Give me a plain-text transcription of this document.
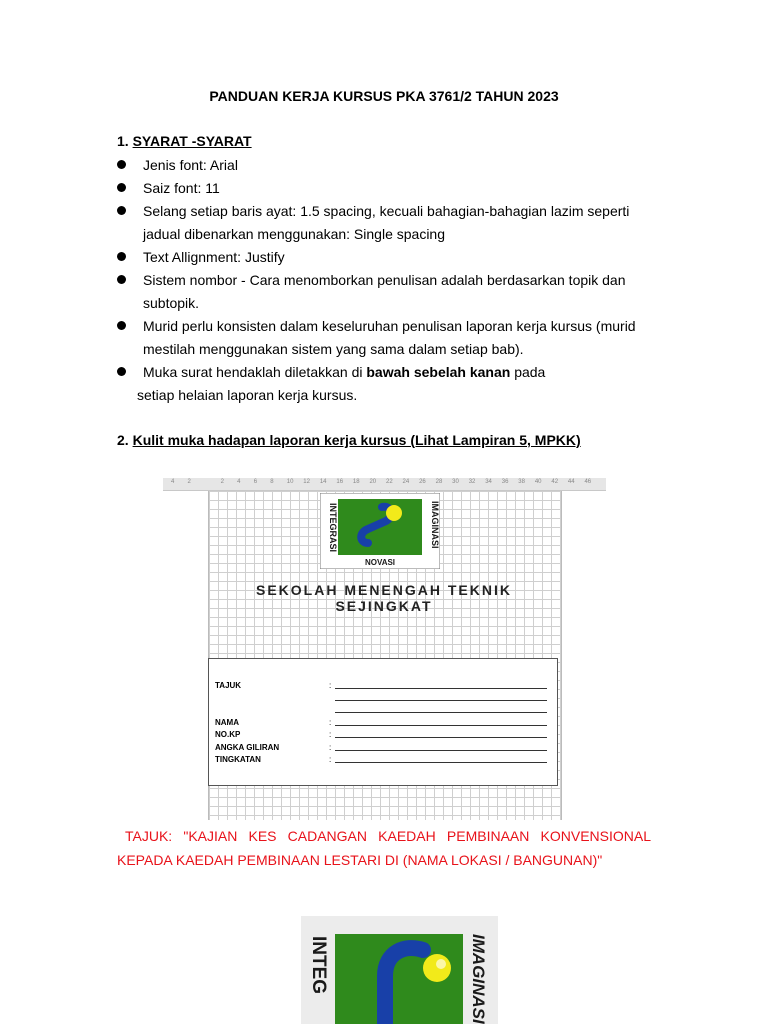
PANDUAN KERJA KURSUS PKA 3761/2 TAHUN 2023
1. SYARAT -SYARAT
Jenis font: Arial
Saiz font: 11
Selang setiap baris ayat: 1.5 spacing, kecuali bahagian-bahagian lazim seperti
jadual dibenarkan menggunakan: Single spacing
Text Allignment: Justify
Sistem nombor - Cara menomborkan penulisan adalah berdasarkan topik dan
subtopik.
Murid perlu konsisten dalam keseluruhan penulisan laporan kerja kursus (murid
mestilah menggunakan sistem yang sama dalam setiap bab).
Muka surat hendaklah diletakkan di bawah sebelah kanan pada
setiap helaian laporan kerja kursus.
2. Kulit muka hadapan laporan kerja kursus (Lihat Lampiran 5, MPKK)
4 2	2 4 6 8 10 12 14 16 18 20 22 24 26 28 30 32 34 36 38 40 42 44 46
INTEGRASI	IMAGINASI
NOVASI
SEKOLAH MENENGAH TEKNIK
SEJINGKAT
TAJUK	:
NAMA	:
NO.KP	:
ANGKA GILIRAN	:
TINGKATAN	:
TAJUK: "KAJIAN KES CADANGAN KAEDAH PEMBINAAN KONVENSIONAL
KEPADA KAEDAH PEMBINAAN LESTARI DI (NAMA LOKASI / BANGUNAN)"
INTEG	IMAGINASI
